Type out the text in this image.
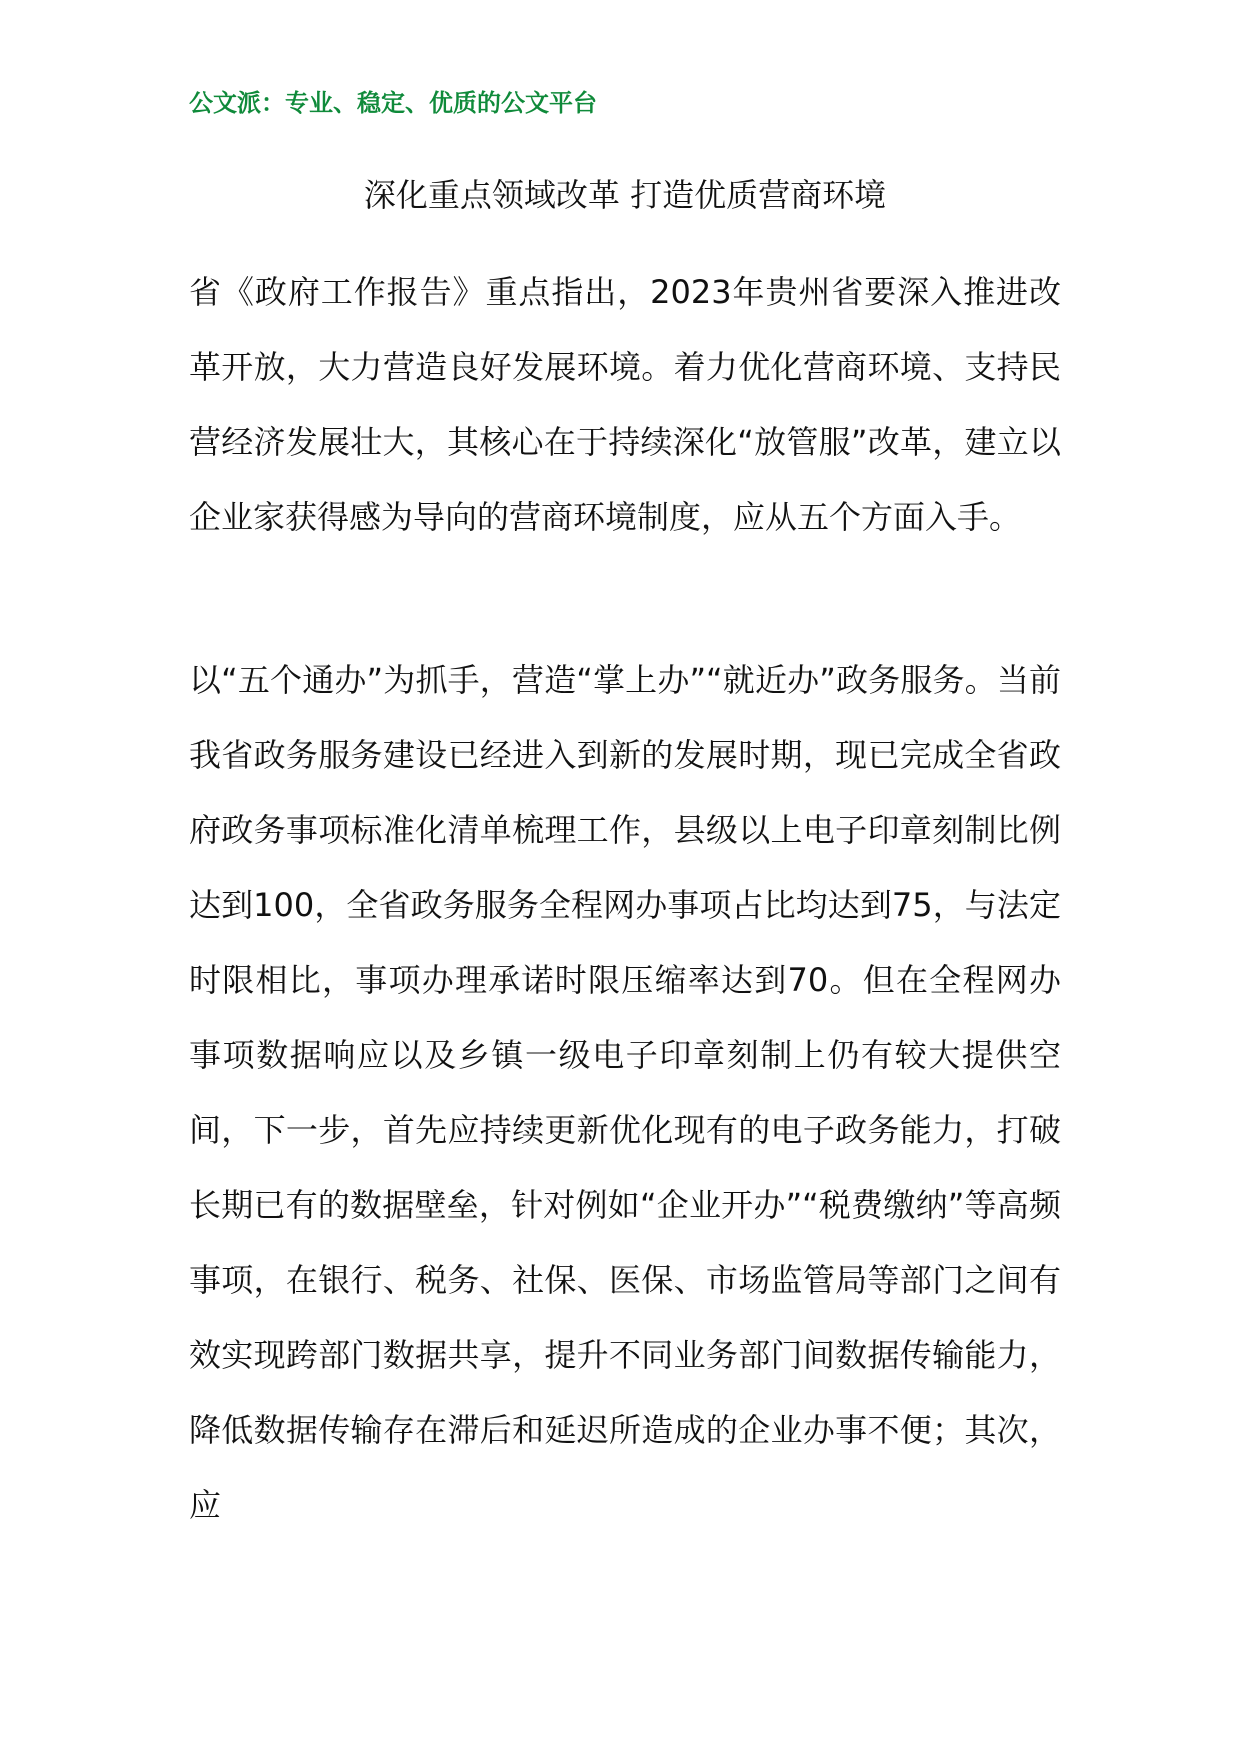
公文派：专业、稳定、优质的公文平台
深化重点领域改革 打造优质营商环境

省《政府工作报告》重点指出，2023年贵州省要深入推进改革开放，大力营造良好发展环境。着力优化营商环境、支持民营经济发展壮大，其核心在于持续深化“放管服”改革，建立以企业家获得感为导向的营商环境制度，应从五个方面入手。

以“五个通办”为抓手，营造“掌上办”“就近办”政务服务。当前我省政务服务建设已经进入到新的发展时期，现已完成全省政府政务事项标准化清单梳理工作，县级以上电子印章刻制比例达到100，全省政务服务全程网办事项占比均达到75，与法定时限相比，事项办理承诺时限压缩率达到70。但在全程网办事项数据响应以及乡镇一级电子印章刻制上仍有较大提供空间，下一步，首先应持续更新优化现有的电子政务能力，打破长期已有的数据壁垒，针对例如“企业开办”“税费缴纳”等高频事项，在银行、税务、社保、医保、市场监管局等部门之间有效实现跨部门数据共享，提升不同业务部门间数据传输能力，降低数据传输存在滞后和延迟所造成的企业办事不便；其次，应
